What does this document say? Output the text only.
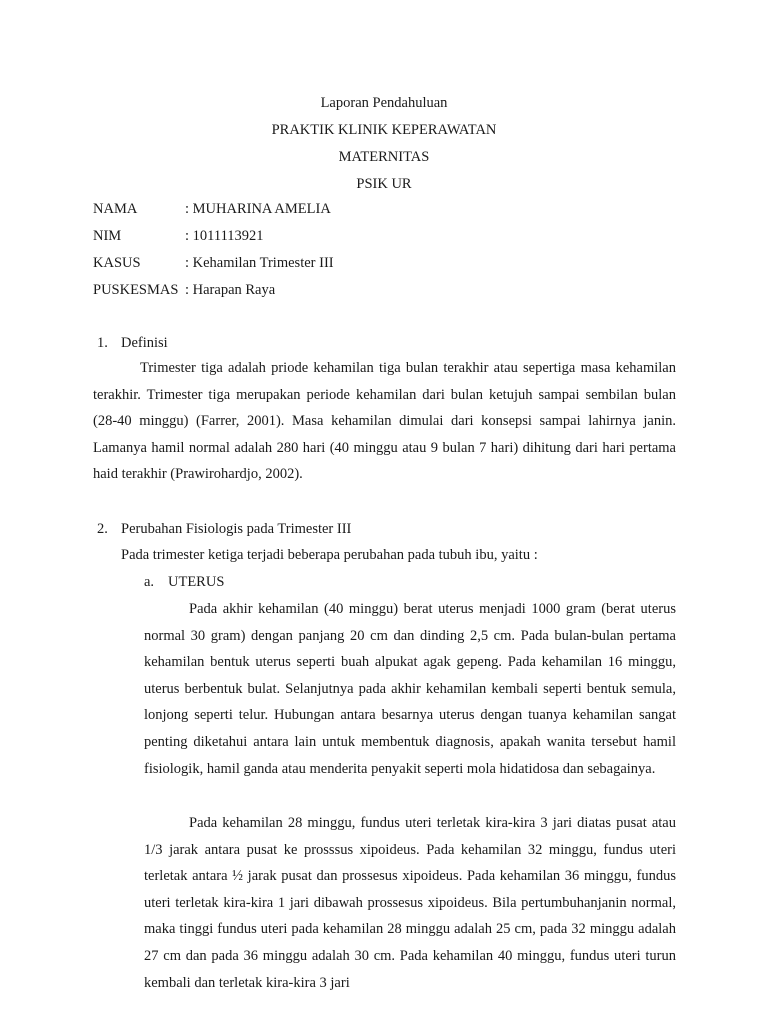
Laporan Pendahuluan
PRAKTIK KLINIK KEPERAWATAN
MATERNITAS
PSIK UR
NAMA	: MUHARINA AMELIA
NIM	: 1011113921
KASUS	: Kehamilan Trimester III
PUSKESMAS : Harapan Raya
1. Definisi
Trimester tiga adalah priode kehamilan tiga bulan terakhir atau sepertiga masa kehamilan terakhir. Trimester tiga merupakan periode kehamilan dari bulan ketujuh sampai sembilan bulan (28-40 minggu) (Farrer, 2001). Masa kehamilan dimulai dari konsepsi sampai lahirnya janin. Lamanya hamil normal adalah 280 hari (40 minggu atau 9 bulan 7 hari) dihitung dari hari pertama haid terakhir (Prawirohardjo, 2002).
2. Perubahan Fisiologis pada Trimester III
Pada trimester ketiga terjadi beberapa perubahan pada tubuh ibu, yaitu :
a. UTERUS
Pada akhir kehamilan (40 minggu) berat uterus menjadi 1000 gram (berat uterus normal 30 gram) dengan panjang 20 cm dan dinding 2,5 cm. Pada bulan-bulan pertama kehamilan bentuk uterus seperti buah alpukat agak gepeng. Pada kehamilan 16 minggu, uterus berbentuk bulat. Selanjutnya pada akhir kehamilan kembali seperti bentuk semula, lonjong seperti telur. Hubungan antara besarnya uterus dengan tuanya kehamilan sangat penting diketahui antara lain untuk membentuk diagnosis, apakah wanita tersebut hamil fisiologik, hamil ganda atau menderita penyakit seperti mola hidatidosa dan sebagainya.
Pada kehamilan 28 minggu, fundus uteri terletak kira-kira 3 jari diatas pusat atau 1/3 jarak antara pusat ke prosssus xipoideus. Pada kehamilan 32 minggu, fundus uteri terletak antara ½ jarak pusat dan prossesus xipoideus. Pada kehamilan 36 minggu, fundus uteri terletak kira-kira 1 jari dibawah prossesus xipoideus. Bila pertumbuhanjanin normal, maka tinggi fundus uteri pada kehamilan 28 minggu adalah 25 cm, pada 32 minggu adalah 27 cm dan pada 36 minggu adalah 30 cm. Pada kehamilan 40 minggu, fundus uteri turun kembali dan terletak kira-kira 3 jari
